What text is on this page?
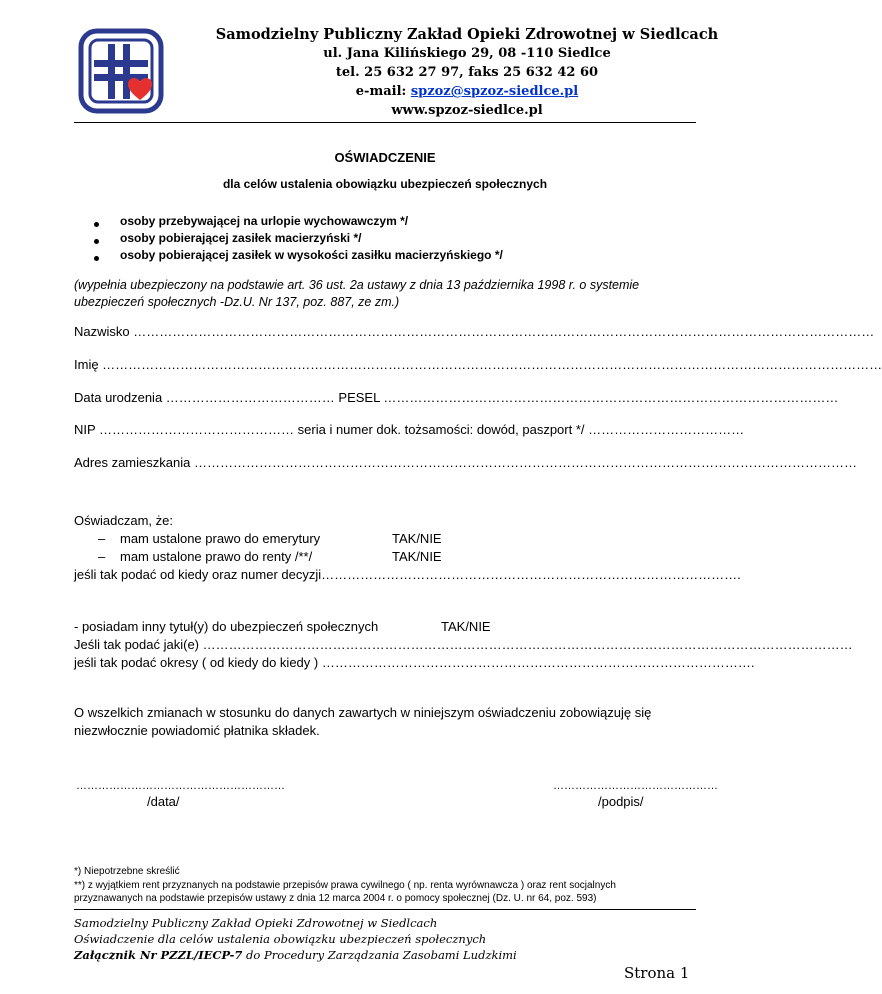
Samodzielny Publiczny Zakład Opieki Zdrowotnej w Siedlcach
ul. Jana Kilińskiego 29, 08 -110 Siedlce
tel. 25 632 27 97, faks 25 632 42 60
e-mail: spzoz@spzoz-siedlce.pl
www.spzoz-siedlce.pl
OŚWIADCZENIE
dla celów ustalenia obowiązku ubezpieczeń społecznych
osoby przebywającej na urlopie wychowawczym */
osoby pobierającej zasiłek macierzyński */
osoby pobierającej zasiłek w wysokości zasiłku macierzyńskiego */
(wypełnia ubezpieczony na podstawie art. 36 ust. 2a ustawy z dnia 13 października 1998 r. o systemie
ubezpieczeń społecznych -Dz.U. Nr 137, poz. 887, ze zm.)
Nazwisko ………………………………………………………………………………………………………………………………………………………
Imię ………………………………………………………………………………………………………………………………………………………………
Data urodzenia ………………………………… PESEL ……………………………………………………………………………………………
NIP ……………………………………… seria i numer dok. tożsamości: dowód, paszport */ ………………………………
Adres zamieszkania ………………………………………………………………………………………………………………………………………
Oświadczam, że:
– mam ustalone prawo do emerytury	TAK/NIE
– mam ustalone prawo do renty /**/	TAK/NIE
jeśli tak podać od kiedy oraz numer decyzji…………………………………………………………………………………….
- posiadam inny tytuł(y) do ubezpieczeń społecznych	TAK/NIE
Jeśli tak podać jaki(e) ……………………………………………………………………………………………………………………………………
jeśli tak podać okresy ( od kiedy do kiedy ) ……………………………………………………………………………………….
O wszelkich zmianach w stosunku do danych zawartych w niniejszym oświadczeniu zobowiązuję się
niezwłocznie powiadomić płatnika składek.
…………………………………………………
/data/
………………………………………
/podpis/
*) Niepotrzebne skreślić
**) z wyjątkiem rent przyznanych na podstawie przepisów prawa cywilnego ( np. renta wyrównawcza ) oraz rent socjalnych
przyznawanych na podstawie przepisów ustawy z dnia 12 marca 2004 r. o pomocy społecznej (Dz. U. nr 64, poz. 593)
Samodzielny Publiczny Zakład Opieki Zdrowotnej w Siedlcach
Oświadczenie dla celów ustalenia obowiązku ubezpieczeń społecznych
Załącznik Nr PZZL/IECP-7 do Procedury Zarządzania Zasobami Ludzkimi
Strona 1
